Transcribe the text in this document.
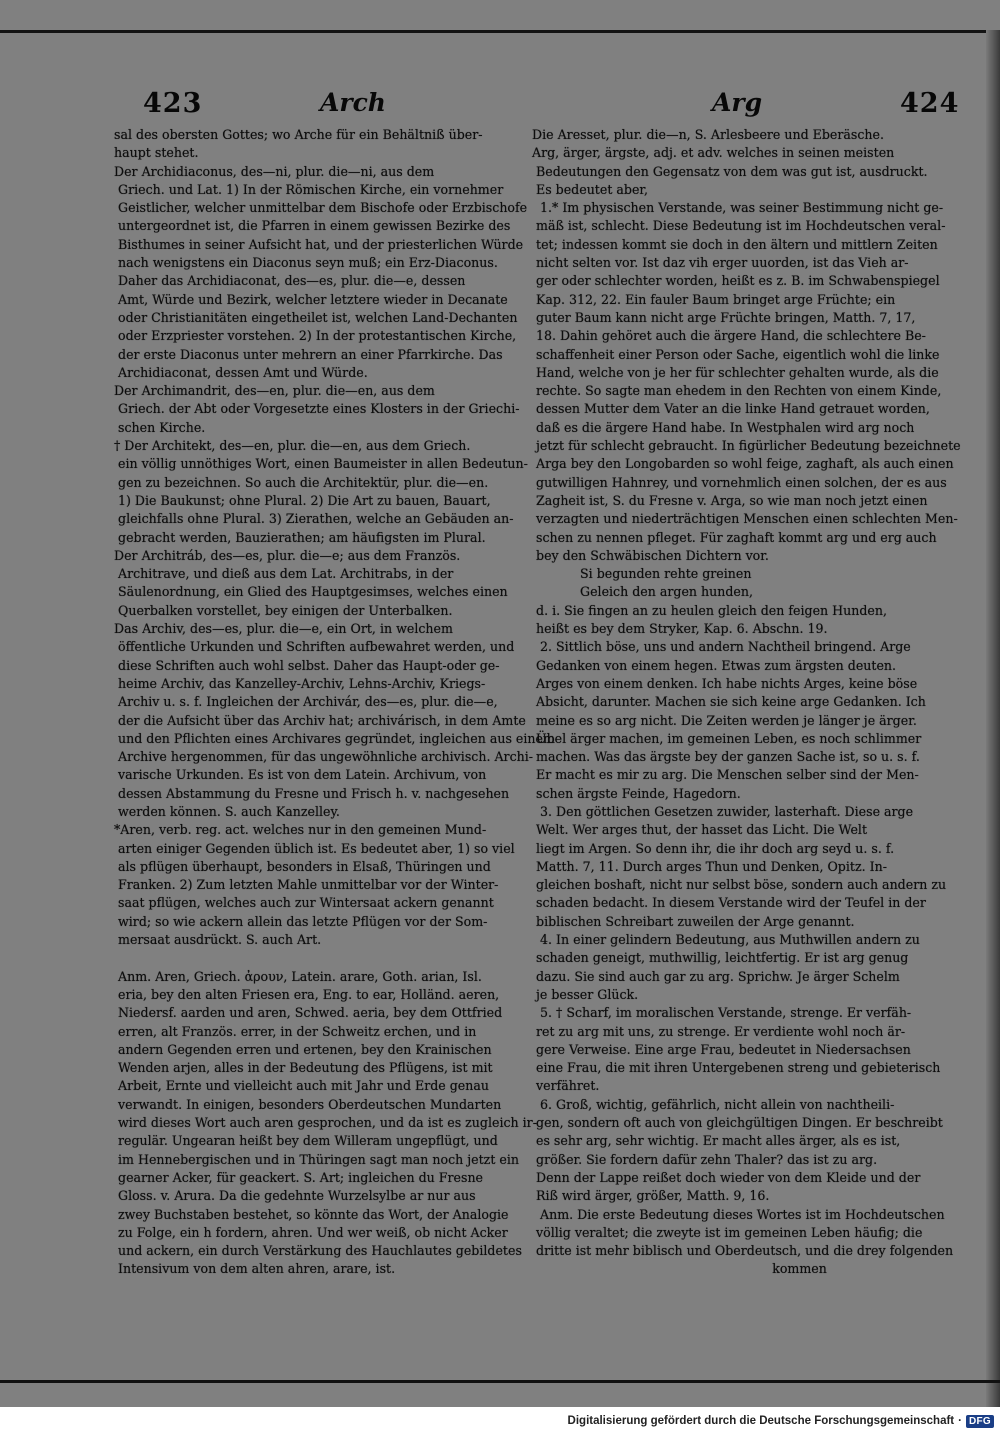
423	Arch	Arg	424
sal des obersten Gottes; wo Arche für ein Behältniß über-
haupt stehet.
Der Archidiaconus, des—ni, plur. die—ni, aus dem
Griech. und Lat. 1) In der Römischen Kirche, ein vornehmer
Geistlicher, welcher unmittelbar dem Bischofe oder Erzbischofe
untergeordnet ist, die Pfarren in einem gewissen Bezirke des
Bisthumes in seiner Aufsicht hat, und der priesterlichen Würde
nach wenigstens ein Diaconus seyn muß; ein Erz-Diaconus.
Daher das Archidiaconat, des—es, plur. die—e, dessen
Amt, Würde und Bezirk, welcher letztere wieder in Decanate
oder Christianitäten eingetheilet ist, welchen Land-Dechanten
oder Erzpriester vorstehen. 2) In der protestantischen Kirche,
der erste Diaconus unter mehrern an einer Pfarrkirche. Das
Archidiaconat, dessen Amt und Würde.
Der Archimandrit, des—en, plur. die—en, aus dem
Griech. der Abt oder Vorgesetzte eines Klosters in der Griechi-
schen Kirche.
† Der Architekt, des—en, plur. die—en, aus dem Griech.
ein völlig unnöthiges Wort, einen Baumeister in allen Bedeutun-
gen zu bezeichnen. So auch die Architektür, plur. die—en.
1) Die Baukunst; ohne Plural. 2) Die Art zu bauen, Bauart,
gleichfalls ohne Plural. 3) Zierathen, welche an Gebäuden an-
gebracht werden, Bauzierathen; am häufigsten im Plural.
Der Architráb, des—es, plur. die—e; aus dem Französ.
Architrave, und dieß aus dem Lat. Architrabs, in der
Säulenordnung, ein Glied des Hauptgesimses, welches einen
Querbalken vorstellet, bey einigen der Unterbalken.
Das Archiv, des—es, plur. die—e, ein Ort, in welchem
öffentliche Urkunden und Schriften aufbewahret werden, und
diese Schriften auch wohl selbst. Daher das Haupt-oder ge-
heime Archiv, das Kanzelley-Archiv, Lehns-Archiv, Kriegs-
Archiv u. s. f. Ingleichen der Archivár, des—es, plur. die—e,
der die Aufsicht über das Archiv hat; archivárisch, in dem Amte
und den Pflichten eines Archivares gegründet, ingleichen aus einem
Archive hergenommen, für das ungewöhnliche archivisch. Archi-
varische Urkunden. Es ist von dem Latein. Archivum, von
dessen Abstammung du Fresne und Frisch h. v. nachgesehen
werden können. S. auch Kanzelley.
*Aren, verb. reg. act. welches nur in den gemeinen Mund-
arten einiger Gegenden üblich ist. Es bedeutet aber, 1) so viel
als pflügen überhaupt, besonders in Elsaß, Thüringen und
Franken. 2) Zum letzten Mahle unmittelbar vor der Winter-
saat pflügen, welches auch zur Wintersaat ackern genannt
wird; so wie ackern allein das letzte Pflügen vor der Som-
mersaat ausdrückt. S. auch Art.

Anm. Aren, Griech. ἀρουν, Latein. arare, Goth. arian, Isl.
eria, bey den alten Friesen era, Eng. to ear, Holländ. aeren,
Niedersf. aarden und aren, Schwed. aeria, bey dem Ottfried
erren, alt Französ. errer, in der Schweitz erchen, und in
andern Gegenden erren und ertenen, bey den Krainischen
Wenden arjen, alles in der Bedeutung des Pflügens, ist mit
Arbeit, Ernte und vielleicht auch mit Jahr und Erde genau
verwandt. In einigen, besonders Oberdeutschen Mundarten
wird dieses Wort auch aren gesprochen, und da ist es zugleich ir-
regulär. Ungearan heißt bey dem Willeram ungepflügt, und
im Hennebergischen und in Thüringen sagt man noch jetzt ein
gearner Acker, für geackert. S. Art; ingleichen du Fresne
Gloss. v. Arura. Da die gedehnte Wurzelsylbe ar nur aus
zwey Buchstaben bestehet, so könnte das Wort, der Analogie
zu Folge, ein h fordern, ahren. Und wer weiß, ob nicht Acker
und ackern, ein durch Verstärkung des Hauchlautes gebildetes
Intensivum von dem alten ahren, arare, ist.
Die Aresset, plur. die—n, S. Arlesbeere und Eberäsche.
Arg, ärger, ärgste, adj. et adv. welches in seinen meisten
Bedeutungen den Gegensatz von dem was gut ist, ausdruckt.
Es bedeutet aber,
1.* Im physischen Verstande, was seiner Bestimmung nicht ge-
mäß ist, schlecht. Diese Bedeutung ist im Hochdeutschen veral-
tet; indessen kommt sie doch in den ältern und mittlern Zeiten
nicht selten vor. Ist daz vih erger uuorden, ist das Vieh ar-
ger oder schlechter worden, heißt es z. B. im Schwabenspiegel
Kap. 312, 22. Ein fauler Baum bringet arge Früchte; ein
guter Baum kann nicht arge Früchte bringen, Matth. 7, 17,
18. Dahin gehöret auch die ärgere Hand, die schlechtere Be-
schaffenheit einer Person oder Sache, eigentlich wohl die linke
Hand, welche von je her für schlechter gehalten wurde, als die
rechte. So sagte man ehedem in den Rechten von einem Kinde,
dessen Mutter dem Vater an die linke Hand getrauet worden,
daß es die ärgere Hand habe. In Westphalen wird arg noch
jetzt für schlecht gebraucht. In figürlicher Bedeutung bezeichnete
Arga bey den Longobarden so wohl feige, zaghaft, als auch einen
gutwilligen Hahnrey, und vornehmlich einen solchen, der es aus
Zagheit ist, S. du Fresne v. Arga, so wie man noch jetzt einen
verzagten und niederträchtigen Menschen einen schlechten Men-
schen zu nennen pfleget. Für zaghaft kommt arg und erg auch
bey den Schwäbischen Dichtern vor.
Si begunden rehte greinen
Geleich den argen hunden,
d. i. Sie fingen an zu heulen gleich den feigen Hunden,
heißt es bey dem Stryker, Kap. 6. Abschn. 19.
2. Sittlich böse, uns und andern Nachtheil bringend. Arge
Gedanken von einem hegen. Etwas zum ärgsten deuten.
Arges von einem denken. Ich habe nichts Arges, keine böse
Absicht, darunter. Machen sie sich keine arge Gedanken. Ich
meine es so arg nicht. Die Zeiten werden je länger je ärger.
Übel ärger machen, im gemeinen Leben, es noch schlimmer
machen. Was das ärgste bey der ganzen Sache ist, so u. s. f.
Er macht es mir zu arg. Die Menschen selber sind der Men-
schen ärgste Feinde, Hagedorn.
3. Den göttlichen Gesetzen zuwider, lasterhaft. Diese arge
Welt. Wer arges thut, der hasset das Licht. Die Welt
liegt im Argen. So denn ihr, die ihr doch arg seyd u. s. f.
Matth. 7, 11. Durch arges Thun und Denken, Opitz. In-
gleichen boshaft, nicht nur selbst böse, sondern auch andern zu
schaden bedacht. In diesem Verstande wird der Teufel in der
biblischen Schreibart zuweilen der Arge genannt.
4. In einer gelindern Bedeutung, aus Muthwillen andern zu
schaden geneigt, muthwillig, leichtfertig. Er ist arg genug
dazu. Sie sind auch gar zu arg. Sprichw. Je ärger Schelm
je besser Glück.
5. † Scharf, im moralischen Verstande, strenge. Er verfäh-
ret zu arg mit uns, zu strenge. Er verdiente wohl noch är-
gere Verweise. Eine arge Frau, bedeutet in Niedersachsen
eine Frau, die mit ihren Untergebenen streng und gebieterisch
verfähret.
6. Groß, wichtig, gefährlich, nicht allein von nachtheili-
gen, sondern oft auch von gleichgültigen Dingen. Er beschreibt
es sehr arg, sehr wichtig. Er macht alles ärger, als es ist,
größer. Sie fordern dafür zehn Thaler? das ist zu arg.
Denn der Lappe reißet doch wieder von dem Kleide und der
Riß wird ärger, größer, Matth. 9, 16.
Anm. Die erste Bedeutung dieses Wortes ist im Hochdeutschen
völlig veraltet; die zweyte ist im gemeinen Leben häufig; die
dritte ist mehr biblisch und Oberdeutsch, und die drey folgenden
kommen
Digitalisierung gefördert durch die Deutsche Forschungsgemeinschaft · DFG
